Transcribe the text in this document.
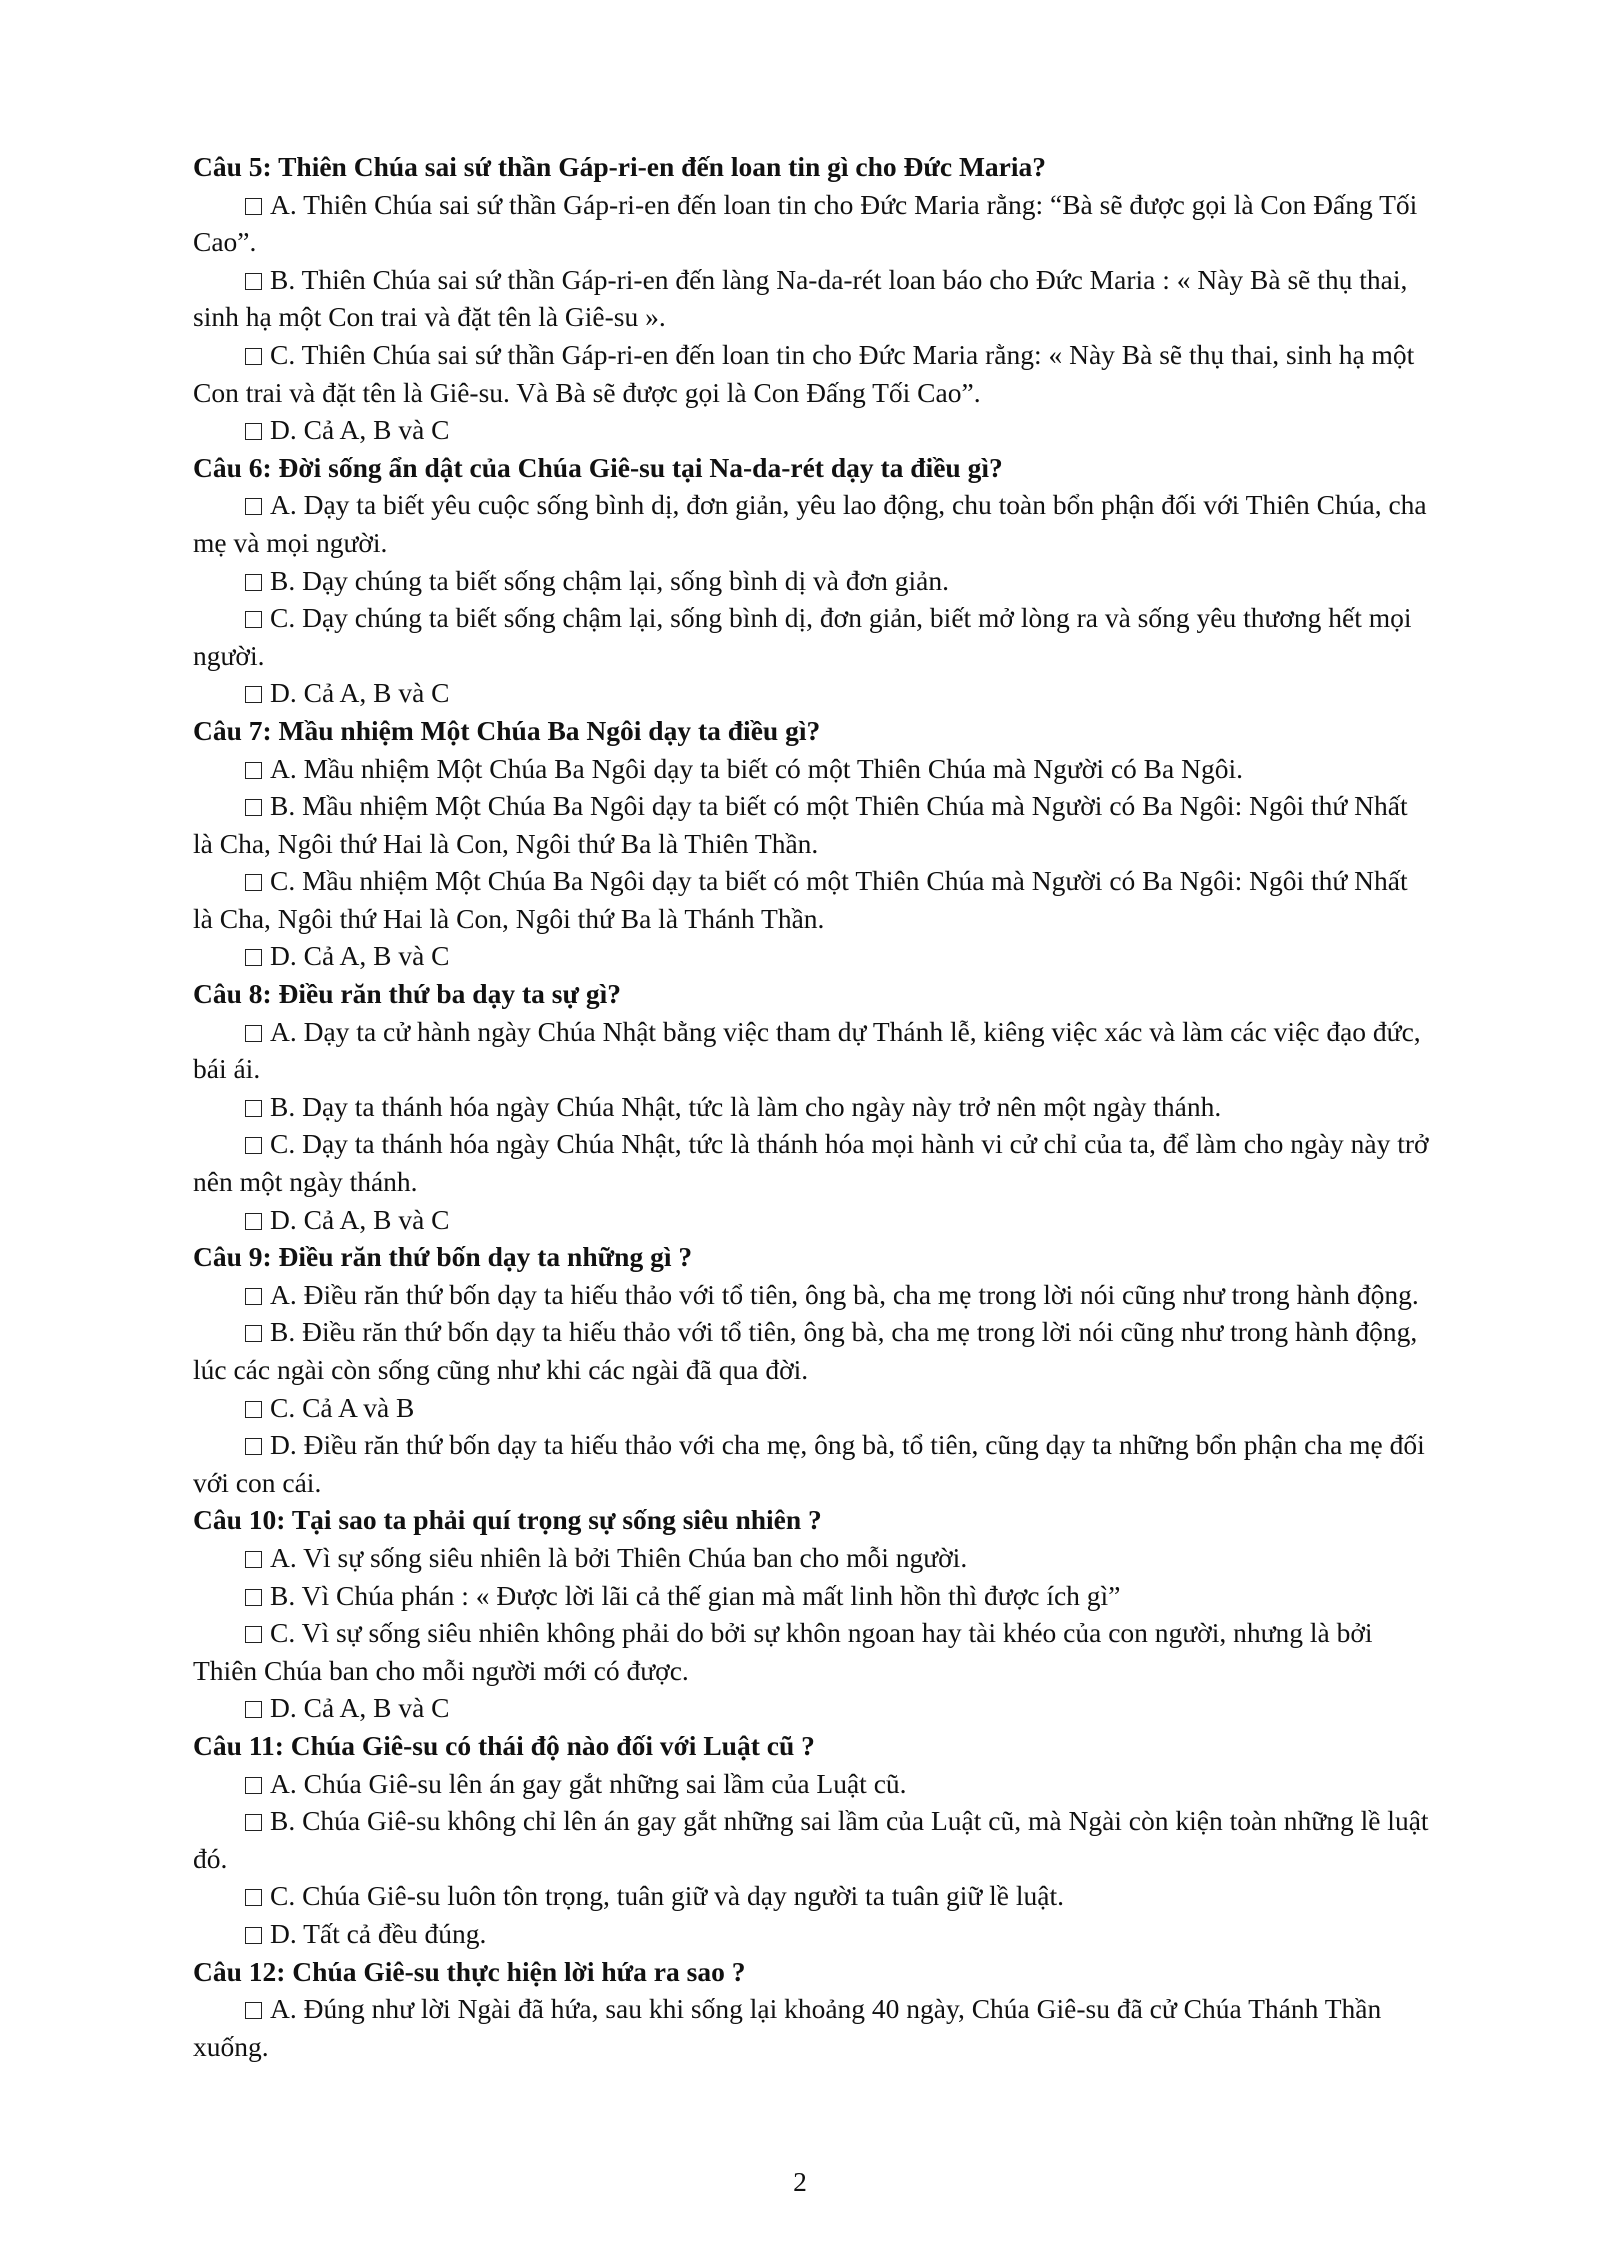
Câu 5: Thiên Chúa sai sứ thần Gáp-ri-en đến loan tin gì cho Đức Maria?

A. Thiên Chúa sai sứ thần Gáp-ri-en đến loan tin cho Đức Maria rằng: “Bà sẽ được gọi là Con Đấng Tối Cao”.

B. Thiên Chúa sai sứ thần Gáp-ri-en đến làng Na-da-rét loan báo cho Đức Maria : « Này Bà sẽ thụ thai, sinh hạ một Con trai và đặt tên là Giê-su ».

C. Thiên Chúa sai sứ thần Gáp-ri-en đến loan tin cho Đức Maria rằng: « Này Bà sẽ thụ thai, sinh hạ một Con trai và đặt tên là Giê-su. Và Bà sẽ được gọi là Con Đấng Tối Cao”.

D. Cả A, B và C

Câu 6: Đời sống ẩn dật của Chúa Giê-su tại Na-da-rét dạy ta điều gì?

A. Dạy ta biết yêu cuộc sống bình dị, đơn giản, yêu lao động, chu toàn bổn phận đối với Thiên Chúa, cha mẹ và mọi người.

B. Dạy chúng ta biết sống chậm lại, sống bình dị và đơn giản.

C. Dạy chúng ta biết sống chậm lại, sống bình dị, đơn giản, biết mở lòng ra và sống yêu thương hết mọi người.

D. Cả A, B và C

Câu 7: Mầu nhiệm Một Chúa Ba Ngôi dạy ta điều gì?

A. Mầu nhiệm Một Chúa Ba Ngôi dạy ta biết có một Thiên Chúa mà Người có Ba Ngôi.

B. Mầu nhiệm Một Chúa Ba Ngôi dạy ta biết có một Thiên Chúa mà Người có Ba Ngôi: Ngôi thứ Nhất là Cha, Ngôi thứ Hai là Con, Ngôi thứ Ba là Thiên Thần.

C. Mầu nhiệm Một Chúa Ba Ngôi dạy ta biết có một Thiên Chúa mà Người có Ba Ngôi: Ngôi thứ Nhất là Cha, Ngôi thứ Hai là Con, Ngôi thứ Ba là Thánh Thần.

D. Cả A, B và C

Câu 8: Điều răn thứ ba dạy ta sự gì?

A. Dạy ta cử hành ngày Chúa Nhật bằng việc tham dự Thánh lễ, kiêng việc xác và làm các việc đạo đức, bái ái.

B. Dạy ta thánh hóa ngày Chúa Nhật, tức là làm cho ngày này trở nên một ngày thánh.

C. Dạy ta thánh hóa ngày Chúa Nhật, tức là thánh hóa mọi hành vi cử chỉ của ta, để làm cho ngày này trở nên một ngày thánh.

D. Cả A, B và C

Câu 9: Điều răn thứ bốn dạy ta những gì ?

A. Điều răn thứ bốn dạy ta hiếu thảo với tổ tiên, ông bà, cha mẹ trong lời nói cũng như trong hành động.

B. Điều răn thứ bốn dạy ta hiếu thảo với tổ tiên, ông bà, cha mẹ trong lời nói cũng như trong hành động, lúc các ngài còn sống cũng như khi các ngài đã qua đời.

C. Cả A và B

D. Điều răn thứ bốn dạy ta hiếu thảo với cha mẹ, ông bà, tổ tiên, cũng dạy ta những bổn phận cha mẹ đối với con cái.

Câu 10: Tại sao ta phải quí trọng sự sống siêu nhiên ?

A. Vì sự sống siêu nhiên là bởi Thiên Chúa ban cho mỗi người.

B. Vì Chúa phán : « Được lời lãi cả thế gian mà mất linh hồn thì được ích gì”

C. Vì sự sống siêu nhiên không phải do bởi sự khôn ngoan hay tài khéo của con người, nhưng là bởi Thiên Chúa ban cho mỗi người mới có được.

D. Cả A, B và C

Câu 11: Chúa Giê-su có thái độ nào đối với Luật cũ ?

A. Chúa Giê-su lên án gay gắt những sai lầm của Luật cũ.

B. Chúa Giê-su không chỉ lên án gay gắt những sai lầm của Luật cũ, mà Ngài còn kiện toàn những lề luật đó.

C. Chúa Giê-su luôn tôn trọng, tuân giữ và dạy người ta tuân giữ lề luật.

D. Tất cả đều đúng.

Câu 12: Chúa Giê-su thực hiện lời hứa ra sao ?

A. Đúng như lời Ngài đã hứa, sau khi sống lại khoảng 40 ngày, Chúa Giê-su đã cử Chúa Thánh Thần xuống.

2
